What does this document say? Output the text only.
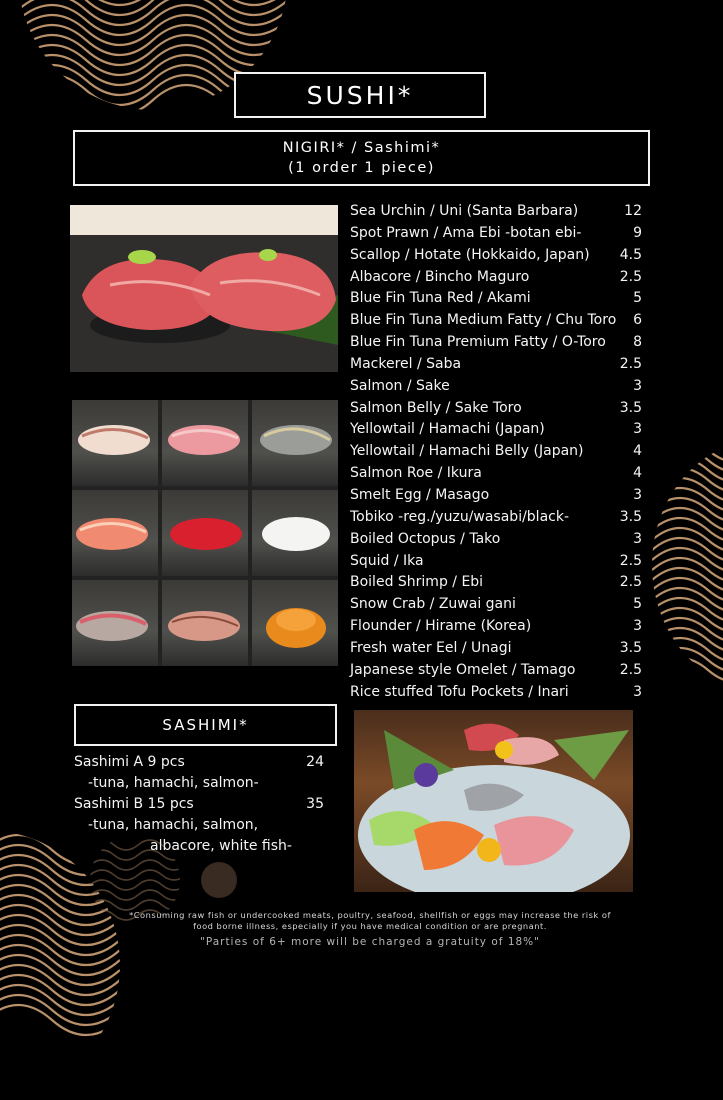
SUSHI*
NIGIRI* / Sashimi*
(1 order 1 piece)
Sea Urchin / Uni (Santa Barbara)	12
Spot Prawn / Ama Ebi -botan ebi-	9
Scallop / Hotate (Hokkaido, Japan) 4.5
Albacore / Bincho Maguro	2.5
Blue Fin Tuna Red / Akami	5
Blue Fin Tuna Medium Fatty / Chu Toro 6
Blue Fin Tuna Premium Fatty / O-Toro 8
Mackerel / Saba	2.5
Salmon / Sake	3
Salmon Belly / Sake Toro	3.5
Yellowtail / Hamachi (Japan)	3
Yellowtail / Hamachi Belly (Japan)	4
Salmon Roe / Ikura	4
Smelt Egg / Masago	3
Tobiko -reg./yuzu/wasabi/black-	3.5
Boiled Octopus / Tako	3
Squid / Ika	2.5
Boiled Shrimp / Ebi	2.5
Snow Crab / Zuwai gani	5
Flounder / Hirame (Korea)	3
Fresh water Eel / Unagi	3.5
Japanese style Omelet / Tamago	2.5
Rice stuffed Tofu Pockets / Inari	3
SASHIMI*
Sashimi A 9 pcs	24
-tuna, hamachi, salmon-
Sashimi B 15 pcs	35
-tuna, hamachi, salmon,
albacore, white fish-
*Consuming raw fish or undercooked meats, poultry, seafood, shellfish or eggs may increase the risk of
food borne illness, especially if you have medical condition or are pregnant.
"Parties of 6+ more will be charged a gratuity of 18%"
